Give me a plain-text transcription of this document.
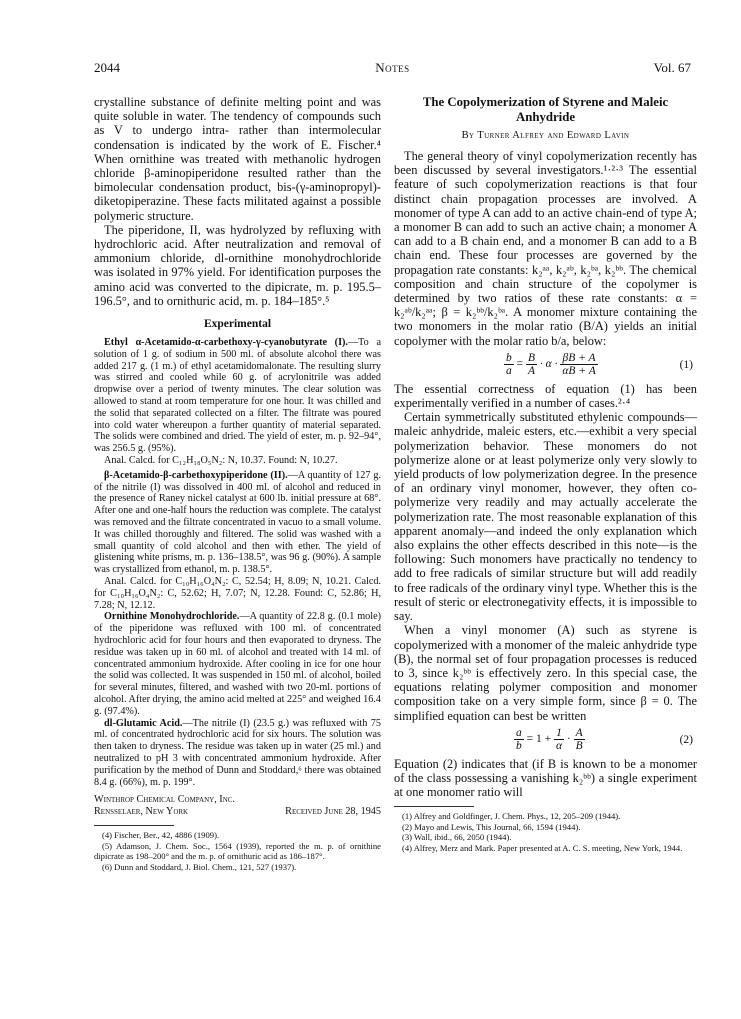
2044	Notes	Vol. 67

crystalline substance of definite melting point and was quite soluble in water. The tendency of compounds such as V to undergo intra- rather than intermolecular condensation is indicated by the work of E. Fischer.⁴ When ornithine was treated with methanolic hydrogen chloride β-aminopiperidone resulted rather than the bimolecular condensation product, bis-(γ-aminopropyl)-diketopiperazine. These facts militated against a possible polymeric structure.

The piperidone, II, was hydrolyzed by refluxing with hydrochloric acid. After neutralization and removal of ammonium chloride, dl-ornithine monohydrochloride was isolated in 97% yield. For identification purposes the amino acid was converted to the dipicrate, m. p. 195.5–196.5°, and to ornithuric acid, m. p. 184–185°.⁵

Experimental

Ethyl α-Acetamido-α-carbethoxy-γ-cyanobutyrate (I).—To a solution of 1 g. of sodium in 500 ml. of absolute alcohol there was added 217 g. (1 m.) of ethyl acetamidomalonate. The resulting slurry was stirred and cooled while 60 g. of acrylonitrile was added dropwise over a period of twenty minutes. The clear solution was allowed to stand at room temperature for one hour. It was chilled and the solid that separated collected on a filter. The filtrate was poured into cold water whereupon a further quantity of material separated. The solids were combined and dried. The yield of ester, m. p. 92–94°, was 256.5 g. (95%).

Anal. Calcd. for C₁₂H₁₈O₅N₂: N, 10.37. Found: N, 10.27.

β-Acetamido-β-carbethoxypiperidone (II).—A quantity of 127 g. of the nitrile (I) was dissolved in 400 ml. of alcohol and reduced in the presence of Raney nickel catalyst at 600 lb. initial pressure at 68°. After one and one-half hours the reduction was complete. The catalyst was removed and the filtrate concentrated in vacuo to a small volume. It was chilled thoroughly and filtered. The solid was washed with a small quantity of cold alcohol and then with ether. The yield of glistening white prisms, m. p. 136–138.5°, was 96 g. (90%). A sample was crystallized from ethanol, m. p. 138.5°.

Anal. Calcd. for C₁₀H₁₆O₄N₂: C, 52.54; H, 8.09; N, 10.21. Calcd. for C₁₀H₁₆O₄N₂: C, 52.62; H, 7.07; N, 12.28. Found: C, 52.86; H, 7.28; N, 12.12.

Ornithine Monohydrochloride.—A quantity of 22.8 g. (0.1 mole) of the piperidone was refluxed with 100 ml. of concentrated hydrochloric acid for four hours and then evaporated to dryness. The residue was taken up in 60 ml. of alcohol and treated with 14 ml. of concentrated ammonium hydroxide. After cooling in ice for one hour the solid was collected. It was suspended in 150 ml. of alcohol, boiled for several minutes, filtered, and washed with two 20-ml. portions of alcohol. After drying, the amino acid melted at 225° and weighed 16.4 g. (97.4%).

dl-Glutamic Acid.—The nitrile (I) (23.5 g.) was refluxed with 75 ml. of concentrated hydrochloric acid for six hours. The solution was then taken to dryness. The residue was taken up in water (25 ml.) and neutralized to pH 3 with concentrated ammonium hydroxide. After purification by the method of Dunn and Stoddard,⁶ there was obtained 8.4 g. (66%), m. p. 199°.

Winthrop Chemical Company, Inc.
Rensselaer, New York	Received June 28, 1945

(4) Fischer, Ber., 42, 4886 (1909).

(5) Adamson, J. Chem. Soc., 1564 (1939), reported the m. p. of ornithine dipicrate as 198–200° and the m. p. of ornithuric acid as 186–187°.

(6) Dunn and Stoddard, J. Biol. Chem., 121, 527 (1937).

The Copolymerization of Styrene and Maleic Anhydride
By Turner Alfrey and Edward Lavin

The general theory of vinyl copolymerization recently has been discussed by several investigators.¹·²·³ The essential feature of such copolymerization reactions is that four distinct chain propagation processes are involved. A monomer of type A can add to an active chain-end of type A; a monomer B can add to such an active chain; a monomer A can add to a B chain end, and a monomer B can add to a B chain end. These four processes are governed by the propagation rate constants: k₂ᵃᵃ, k₂ᵃᵇ, k₂ᵇᵃ, k₂ᵇᵇ. The chemical composition and chain structure of the copolymer is determined by two ratios of these rate constants: α = k₂ᵃᵇ/k₂ᵃᵃ; β = k₂ᵇᵇ/k₂ᵇᵃ. A monomer mixture containing the two monomers in the molar ratio (B/A) yields an initial copolymer with the molar ratio b/a, below:

$\frac{b}{a} = \frac{B}{A} \cdot \alpha \cdot \frac{\beta B + A}{\alpha B + A}$	(1)

The essential correctness of equation (1) has been experimentally verified in a number of cases.²·⁴

Certain symmetrically substituted ethylenic compounds—maleic anhydride, maleic esters, etc.—exhibit a very special polymerization behavior. These monomers do not polymerize alone or at least polymerize only very slowly to yield products of low polymerization degree. In the presence of an ordinary vinyl monomer, however, they often co-polymerize very readily and may actually accelerate the polymerization rate. The most reasonable explanation of this apparent anomaly—and indeed the only explanation which also explains the other effects described in this note—is the following: Such monomers have practically no tendency to add to free radicals of similar structure but will add readily to free radicals of the ordinary vinyl type. Whether this is the result of steric or electronegativity effects, it is impossible to say.

When a vinyl monomer (A) such as styrene is copolymerized with a monomer of the maleic anhydride type (B), the normal set of four propagation processes is reduced to 3, since k₂ᵇᵇ is effectively zero. In this special case, the equations relating polymer composition and monomer composition take on a very simple form, since β = 0. The simplified equation can best be written

$\frac{a}{b} = 1 + \frac{1}{\alpha} \cdot \frac{A}{B}$	(2)

Equation (2) indicates that (if B is known to be a monomer of the class possessing a vanishing k₂ᵇᵇ) a single experiment at one monomer ratio will

(1) Alfrey and Goldfinger, J. Chem. Phys., 12, 205–209 (1944).

(2) Mayo and Lewis, This Journal, 66, 1594 (1944).

(3) Wall, ibid., 66, 2050 (1944).

(4) Alfrey, Merz and Mark. Paper presented at A. C. S. meeting, New York, 1944.
